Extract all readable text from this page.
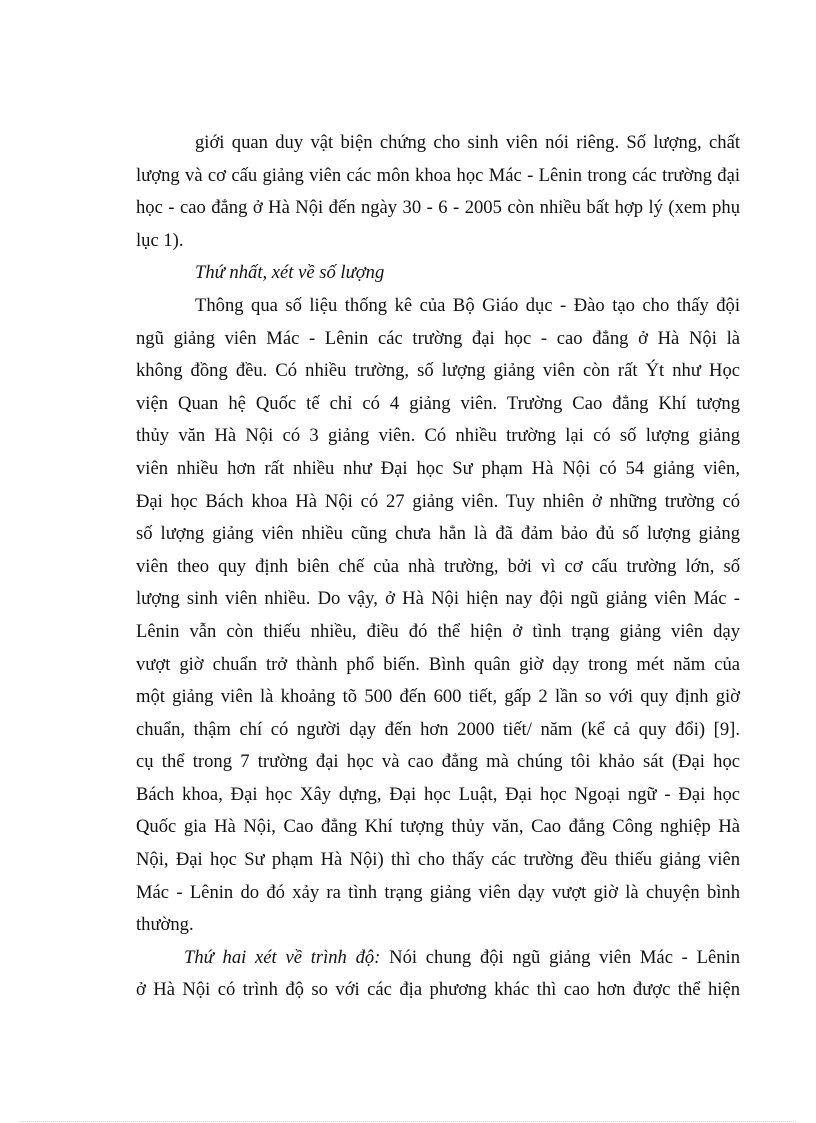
giới quan duy vật biện chứng cho sinh viên nói riêng. Số lượng, chất
lượng và cơ cấu giảng viên các môn khoa học Mác - Lênin trong các trường đại
học - cao đẳng ở Hà Nội đến ngày 30 - 6 - 2005 còn nhiều bất hợp lý (xem phụ
lục 1).
Thứ nhất, xét về số lượng
Thông qua số liệu thống kê của Bộ Giáo dục - Đào tạo cho thấy đội
ngũ giảng viên Mác - Lênin các trường đại học - cao đẳng ở Hà Nội là
không đồng đều. Có nhiều trường, số lượng giảng viên còn rất Ýt như Học
viện Quan hệ Quốc tế chỉ có 4 giảng viên. Trường Cao đẳng Khí tượng
thủy văn Hà Nội có 3 giảng viên. Có nhiều trường lại có số lượng giảng
viên nhiều hơn rất nhiều như Đại học Sư phạm Hà Nội có 54 giảng viên,
Đại học Bách khoa Hà Nội có 27 giảng viên. Tuy nhiên ở những trường có
số lượng giảng viên nhiều cũng chưa hẳn là đã đảm bảo đủ số lượng giảng
viên theo quy định biên chế của nhà trường, bởi vì cơ cấu trường lớn, số
lượng sinh viên nhiều. Do vậy, ở Hà Nội hiện nay đội ngũ giảng viên Mác -
Lênin vẫn còn thiếu nhiều, điều đó thể hiện ở tình trạng giảng viên dạy
vượt giờ chuẩn trở thành phổ biến. Bình quân giờ dạy trong mét năm của
một giảng viên là khoảng tõ 500 đến 600 tiết, gấp 2 lần so với quy định giờ
chuẩn, thậm chí có người dạy đến hơn 2000 tiết/ năm (kể cả quy đổi) [9].
cụ thể trong 7 trường đại học và cao đẳng mà chúng tôi khảo sát (Đại học
Bách khoa, Đại học Xây dựng, Đại học Luật, Đại học Ngoại ngữ - Đại học
Quốc gia Hà Nội, Cao đẳng Khí tượng thủy văn, Cao đẳng Công nghiệp Hà
Nội, Đại học Sư phạm Hà Nội) thì cho thấy các trường đều thiếu giảng viên
Mác - Lênin do đó xảy ra tình trạng giảng viên dạy vượt giờ là chuyện bình
thường.
Thứ hai xét về trình độ: Nói chung đội ngũ giảng viên Mác - Lênin
ở Hà Nội có trình độ so với các địa phương khác thì cao hơn được thể hiện
